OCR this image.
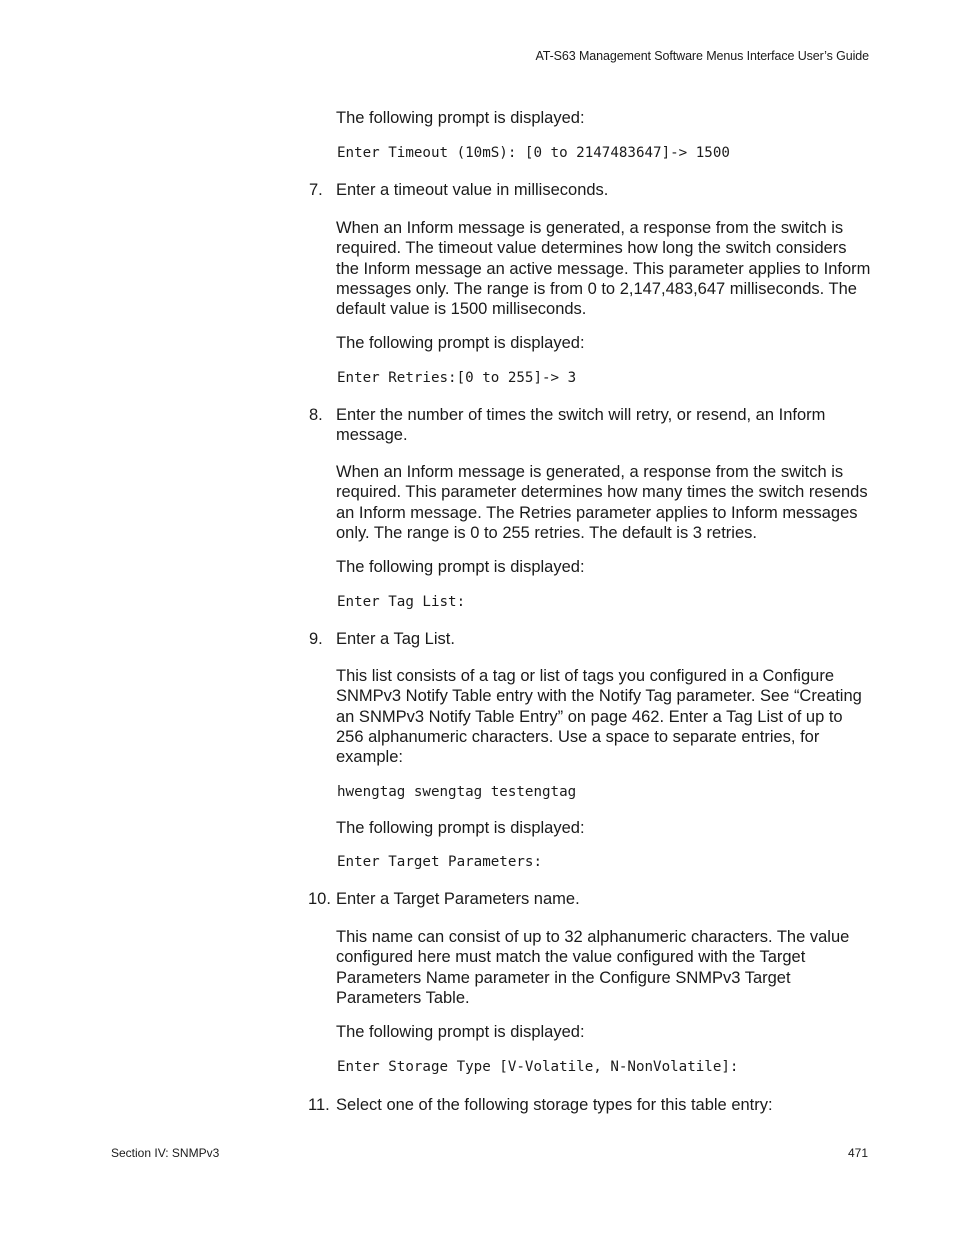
AT-S63 Management Software Menus Interface User’s Guide

The following prompt is displayed:

Enter Timeout (10mS): [0 to 2147483647]-> 1500

7. Enter a timeout value in milliseconds.

When an Inform message is generated, a response from the switch is required. The timeout value determines how long the switch considers the Inform message an active message. This parameter applies to Inform messages only. The range is from 0 to 2,147,483,647 milliseconds. The default value is 1500 milliseconds.

The following prompt is displayed:

Enter Retries:[0 to 255]-> 3

8. Enter the number of times the switch will retry, or resend, an Inform message.

When an Inform message is generated, a response from the switch is required. This parameter determines how many times the switch resends an Inform message. The Retries parameter applies to Inform messages only. The range is 0 to 255 retries. The default is 3 retries.

The following prompt is displayed:

Enter Tag List:

9. Enter a Tag List.

This list consists of a tag or list of tags you configured in a Configure SNMPv3 Notify Table entry with the Notify Tag parameter. See “Creating an SNMPv3 Notify Table Entry” on page 462. Enter a Tag List of up to 256 alphanumeric characters. Use a space to separate entries, for example:

hwengtag swengtag testengtag

The following prompt is displayed:

Enter Target Parameters:

10. Enter a Target Parameters name.

This name can consist of up to 32 alphanumeric characters. The value configured here must match the value configured with the Target Parameters Name parameter in the Configure SNMPv3 Target Parameters Table.

The following prompt is displayed:

Enter Storage Type [V-Volatile, N-NonVolatile]:

11. Select one of the following storage types for this table entry:

Section IV: SNMPv3	471
